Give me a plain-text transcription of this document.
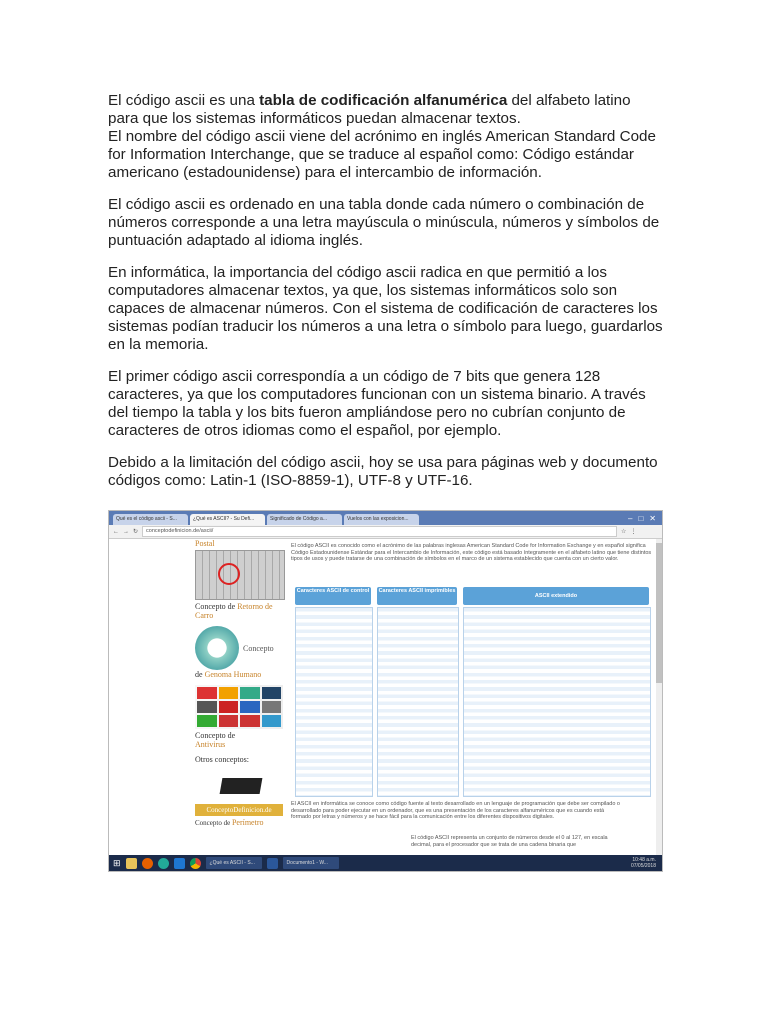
El código ascii es una tabla de codificación alfanumérica del alfabeto latino para que los sistemas informáticos puedan almacenar textos.

El nombre del código ascii viene del acrónimo en inglés American Standard Code for Information Interchange, que se traduce al español como: Código estándar americano (estadounidense) para el intercambio de información.

El código ascii es ordenado en una tabla donde cada número o combinación de números corresponde a una letra mayúscula o minúscula, números y símbolos de puntuación adaptado al idioma inglés.

En informática, la importancia del código ascii radica en que permitió a los computadores almacenar textos, ya que, los sistemas informáticos solo son capaces de almacenar números. Con el sistema de codificación de caracteres los sistemas podían traducir los números a una letra o símbolo para luego, guardarlos en la memoria.

El primer código ascii correspondía a un código de 7 bits que genera 128 caracteres, ya que los computadores funcionan con un sistema binario. A través del tiempo la tabla y los bits fueron ampliándose pero no cubrían conjunto de caracteres de otros idiomas como el español, por ejemplo.

Debido a la limitación del código ascii, hoy se usa para páginas web y documento códigos como: Latin-1 (ISO-8859-1), UTF-8 y UTF-16.

Qué es el código ascii - S...	¿Qué es ASCII? - Su Defi...	Significado de Código a...	Vuelos con las exposicion...	– □ ✕
← → ↻	conceptodefinicion.de/ascii/	☆ ⋮
Postal
Concepto de Retorno de Carro
Concepto
de Genoma Humano
Concepto de
Antivirus
Otros conceptos:
ConceptoDefinicion.de
Concepto de Perímetro
El código ASCII es conocido como el acrónimo de las palabras inglesas American Standard Code for Information Exchange y en español significa Código Estadounidense Estándar para el Intercambio de Información, este código está basado íntegramente en el alfabeto latino que tiene distintos tipos de usos y puede tratarse de una combinación de símbolos en el marco de un sistema establecido que cuenta con un cierto valor.
Caracteres ASCII de control	Caracteres ASCII imprimibles
ASCII extendido
El ASCII en informática se conoce como código fuente al texto desarrollado en un lenguaje de programación que debe ser compilado o desarrollado para poder ejecutar en un ordenador, que es una presentación de los caracteres alfanuméricos que es cuando está formado por letras y números y se hace fácil para la comunicación entre los diferentes dispositivos digitales.
El código ASCII representa un conjunto de números desde el 0 al 127, en escala decimal, para el procesador que se trata de una cadena binaria que
⊞	¿Qué es ASCII - S...	Documento1 - W...	10:48 a.m.
07/05/2018
